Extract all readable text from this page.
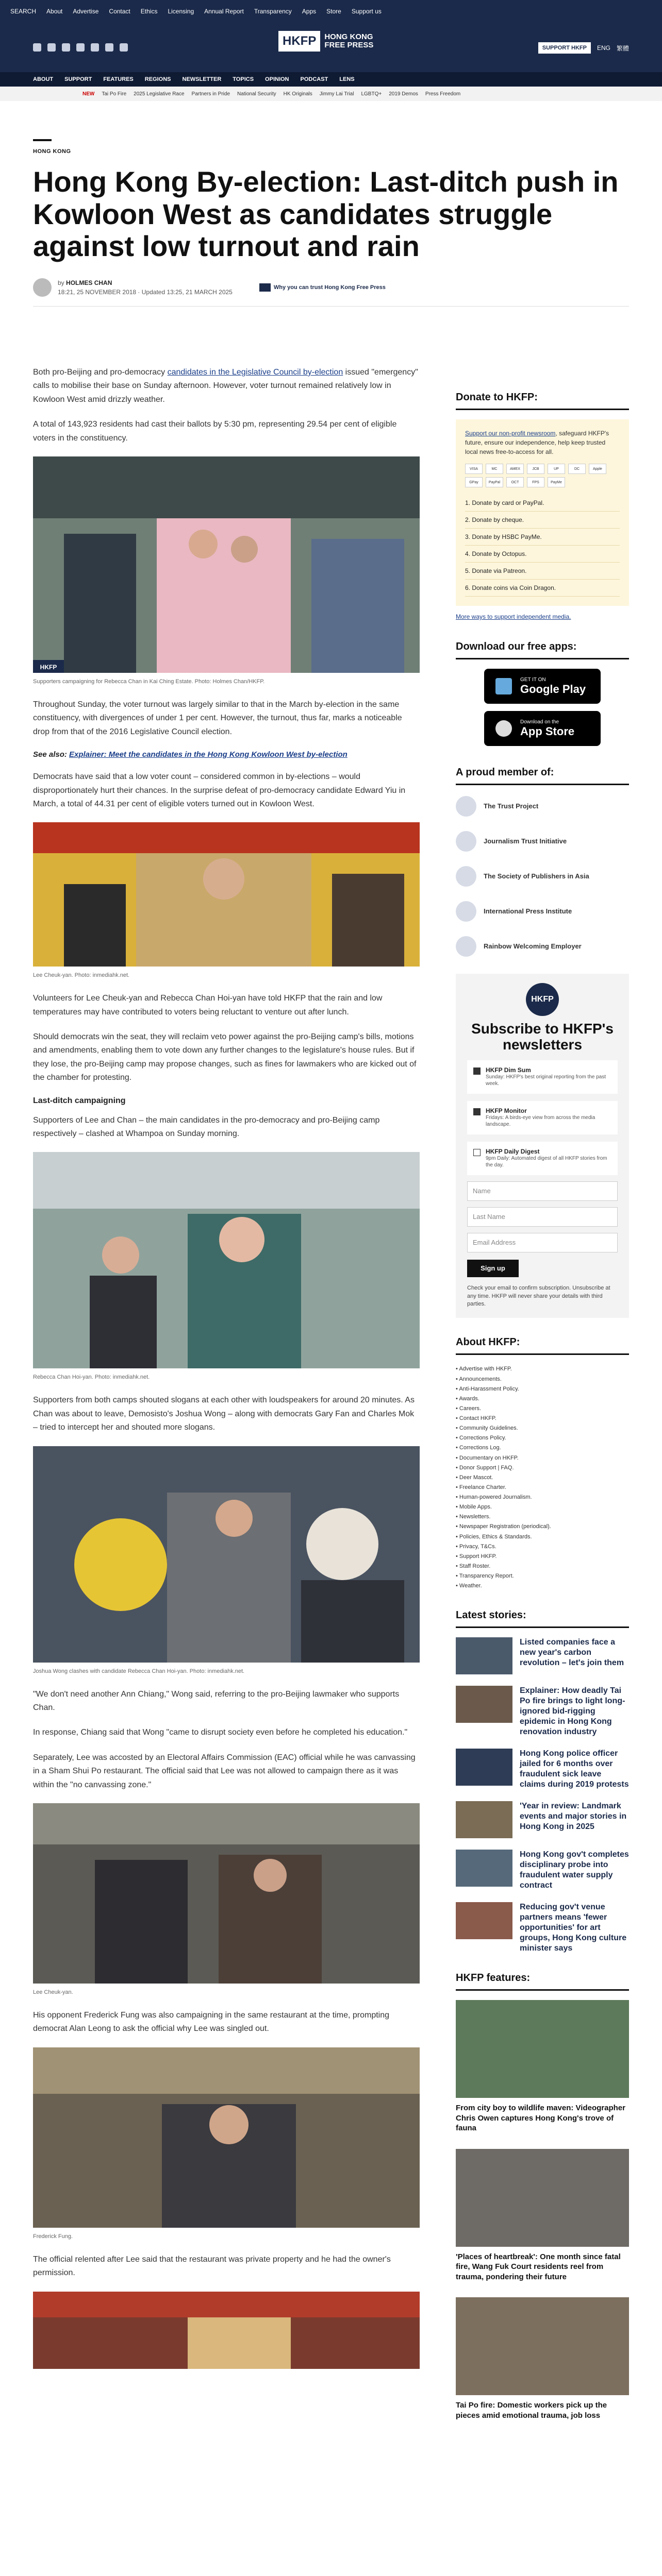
SEARCH About Advertise Contact Ethics Licensing Annual Report Transparency Apps Store Support us
HKFP	HONG KONG
FREE PRESS	SUPPORT HKFP	ENG 繁體
ABOUT SUPPORT FEATURES REGIONS NEWSLETTER TOPICS OPINION PODCAST LENS
NEW Tai Po Fire 2025 Legislative Race Partners in Pride National Security HK Originals Jimmy Lai Trial LGBTQ+ 2019 Demos Press Freedom
HONG KONG
Hong Kong By-election: Last-ditch push in Kowloon West as candidates struggle against low turnout and rain
by HOLMES CHAN
18:21, 25 NOVEMBER 2018 · Updated 13:25, 21 MARCH 2025
Why you can trust Hong Kong Free Press

Both pro-Beijing and pro-democracy candidates in the Legislative Council by-election issued "emergency" calls to mobilise their base on Sunday afternoon. However, voter turnout remained relatively low in Kowloon West amid drizzly weather.

A total of 143,923 residents had cast their ballots by 5:30 pm, representing 29.54 per cent of eligible voters in the constituency.

HKFP
Supporters campaigning for Rebecca Chan in Kai Ching Estate. Photo: Holmes Chan/HKFP.

Throughout Sunday, the voter turnout was largely similar to that in the March by-election in the same constituency, with divergences of under 1 per cent. However, the turnout, thus far, marks a noticeable drop from that of the 2016 Legislative Council election.

See also: Explainer: Meet the candidates in the Hong Kong Kowloon West by-election

Democrats have said that a low voter count – considered common in by-elections – would disproportionately hurt their chances. In the surprise defeat of pro-democracy candidate Edward Yiu in March, a total of 44.31 per cent of eligible voters turned out in Kowloon West.

Lee Cheuk-yan. Photo: inmediahk.net.

Volunteers for Lee Cheuk-yan and Rebecca Chan Hoi-yan have told HKFP that the rain and low temperatures may have contributed to voters being reluctant to venture out after lunch.

Should democrats win the seat, they will reclaim veto power against the pro-Beijing camp's bills, motions and amendments, enabling them to vote down any further changes to the legislature's house rules. But if they lose, the pro-Beijing camp may propose changes, such as fines for lawmakers who are kicked out of the chamber for protesting.

Last-ditch campaigning

Supporters of Lee and Chan – the main candidates in the pro-democracy and pro-Beijing camp respectively – clashed at Whampoa on Sunday morning.

Rebecca Chan Hoi-yan. Photo: inmediahk.net.

Supporters from both camps shouted slogans at each other with loudspeakers for around 20 minutes. As Chan was about to leave, Demosisto's Joshua Wong – along with democrats Gary Fan and Charles Mok – tried to intercept her and shouted more slogans.

Joshua Wong clashes with candidate Rebecca Chan Hoi-yan. Photo: inmediahk.net.

"We don't need another Ann Chiang," Wong said, referring to the pro-Beijing lawmaker who supports Chan.

In response, Chiang said that Wong "came to disrupt society even before he completed his education."

Separately, Lee was accosted by an Electoral Affairs Commission (EAC) official while he was canvassing in a Sham Shui Po restaurant. The official said that Lee was not allowed to campaign there as it was within the "no canvassing zone."

Lee Cheuk-yan.

His opponent Frederick Fung was also campaigning in the same restaurant at the time, prompting democrat Alan Leong to ask the official why Lee was singled out.

Frederick Fung.

The official relented after Lee said that the restaurant was private property and he had the owner's permission.

Donate to HKFP:

Support our non-profit newsroom, safeguard HKFP's future, ensure our independence, help keep trusted local news free-to-access for all.

VISA	MC	AMEX	JCB	UP	DC	Apple
GPay	PayPal	OCT	FPS	PayMe
1. Donate by card or PayPal.
2. Donate by cheque.
3. Donate by HSBC PayMe.
4. Donate by Octopus.
5. Donate via Patreon.
6. Donate coins via Coin Dragon.
More ways to support independent media.
Download our free apps:
GET IT ON
Google Play
Download on the
App Store
A proud member of:
The Trust Project
Journalism Trust Initiative
The Society of Publishers in Asia
International Press Institute
Rainbow Welcoming Employer
HKFP
Subscribe to HKFP's newsletters
HKFP Dim Sum
Sunday: HKFP's best original reporting from the past week.
HKFP Monitor
Fridays: A birds-eye view from across the media landscape.
HKFP Daily Digest
9pm Daily: Automated digest of all HKFP stories from the day.
Name
Last Name
Email Address
Sign up
Check your email to confirm subscription. Unsubscribe at any time. HKFP will never share your details with third parties.
About HKFP:
• Advertise with HKFP.
• Announcements.
• Anti-Harassment Policy.
• Awards.
• Careers.
• Contact HKFP.
• Community Guidelines.
• Corrections Policy.
• Corrections Log.
• Documentary on HKFP.
• Donor Support | FAQ.
• Deer Mascot.
• Freelance Charter.
• Human-powered Journalism.
• Mobile Apps.
• Newsletters.
• Newspaper Registration (periodical).
• Policies, Ethics & Standards.
• Privacy, T&Cs.
• Support HKFP.
• Staff Roster.
• Transparency Report.
• Weather.
Latest stories:
Listed companies face a new year's carbon revolution – let's join them
Explainer: How deadly Tai Po fire brings to light long-ignored bid-rigging epidemic in Hong Kong renovation industry
Hong Kong police officer jailed for 6 months over fraudulent sick leave claims during 2019 protests
'Year in review: Landmark events and major stories in Hong Kong in 2025
Hong Kong gov't completes disciplinary probe into fraudulent water supply contract
Reducing gov't venue partners means 'fewer opportunities' for art groups, Hong Kong culture minister says
HKFP features:
From city boy to wildlife maven: Videographer Chris Owen captures Hong Kong's trove of fauna
'Places of heartbreak': One month since fatal fire, Wang Fuk Court residents reel from trauma, pondering their future
Tai Po fire: Domestic workers pick up the pieces amid emotional trauma, job loss
